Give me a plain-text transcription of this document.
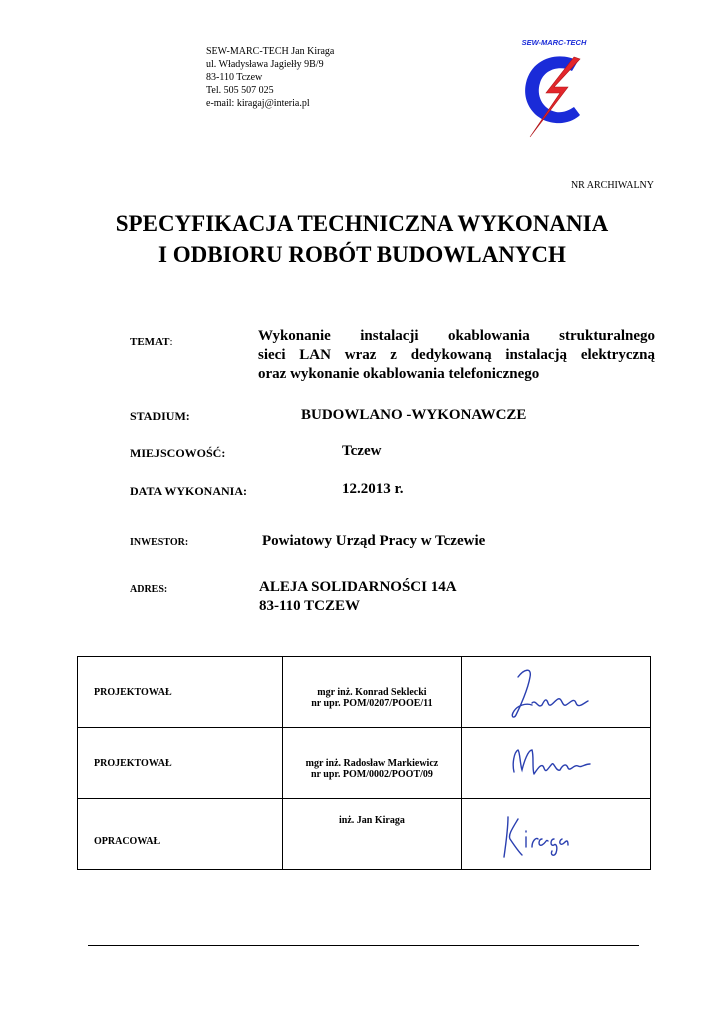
SEW-MARC-TECH Jan Kiraga
ul. Władysława Jagiełły 9B/9
83-110 Tczew
Tel. 505 507 025
e-mail: kiragaj@interia.pl
SEW-MARC-TECH
NR ARCHIWALNY
SPECYFIKACJA TECHNICZNA WYKONANIA
I ODBIORU ROBÓT BUDOWLANYCH
TEMAT:	Wykonanie instalacji okablowania strukturalnego
sieci LAN wraz z dedykowaną instalacją elektryczną
oraz wykonanie okablowania telefonicznego
STADIUM:	BUDOWLANO -WYKONAWCZE
MIEJSCOWOŚĆ:	Tczew
DATA WYKONANIA:	12.2013 r.
INWESTOR:	Powiatowy Urząd Pracy w Tczewie
ADRES:	ALEJA SOLIDARNOŚCI 14A
83-110 TCZEW
PROJEKTOWAŁ	mgr inż. Konrad Seklecki
nr upr. POM/0207/POOE/11

PROJEKTOWAŁ	mgr inż. Radosław Markiewicz
nr upr. POM/0002/POOT/09

OPRACOWAŁ	inż. Jan Kiraga
